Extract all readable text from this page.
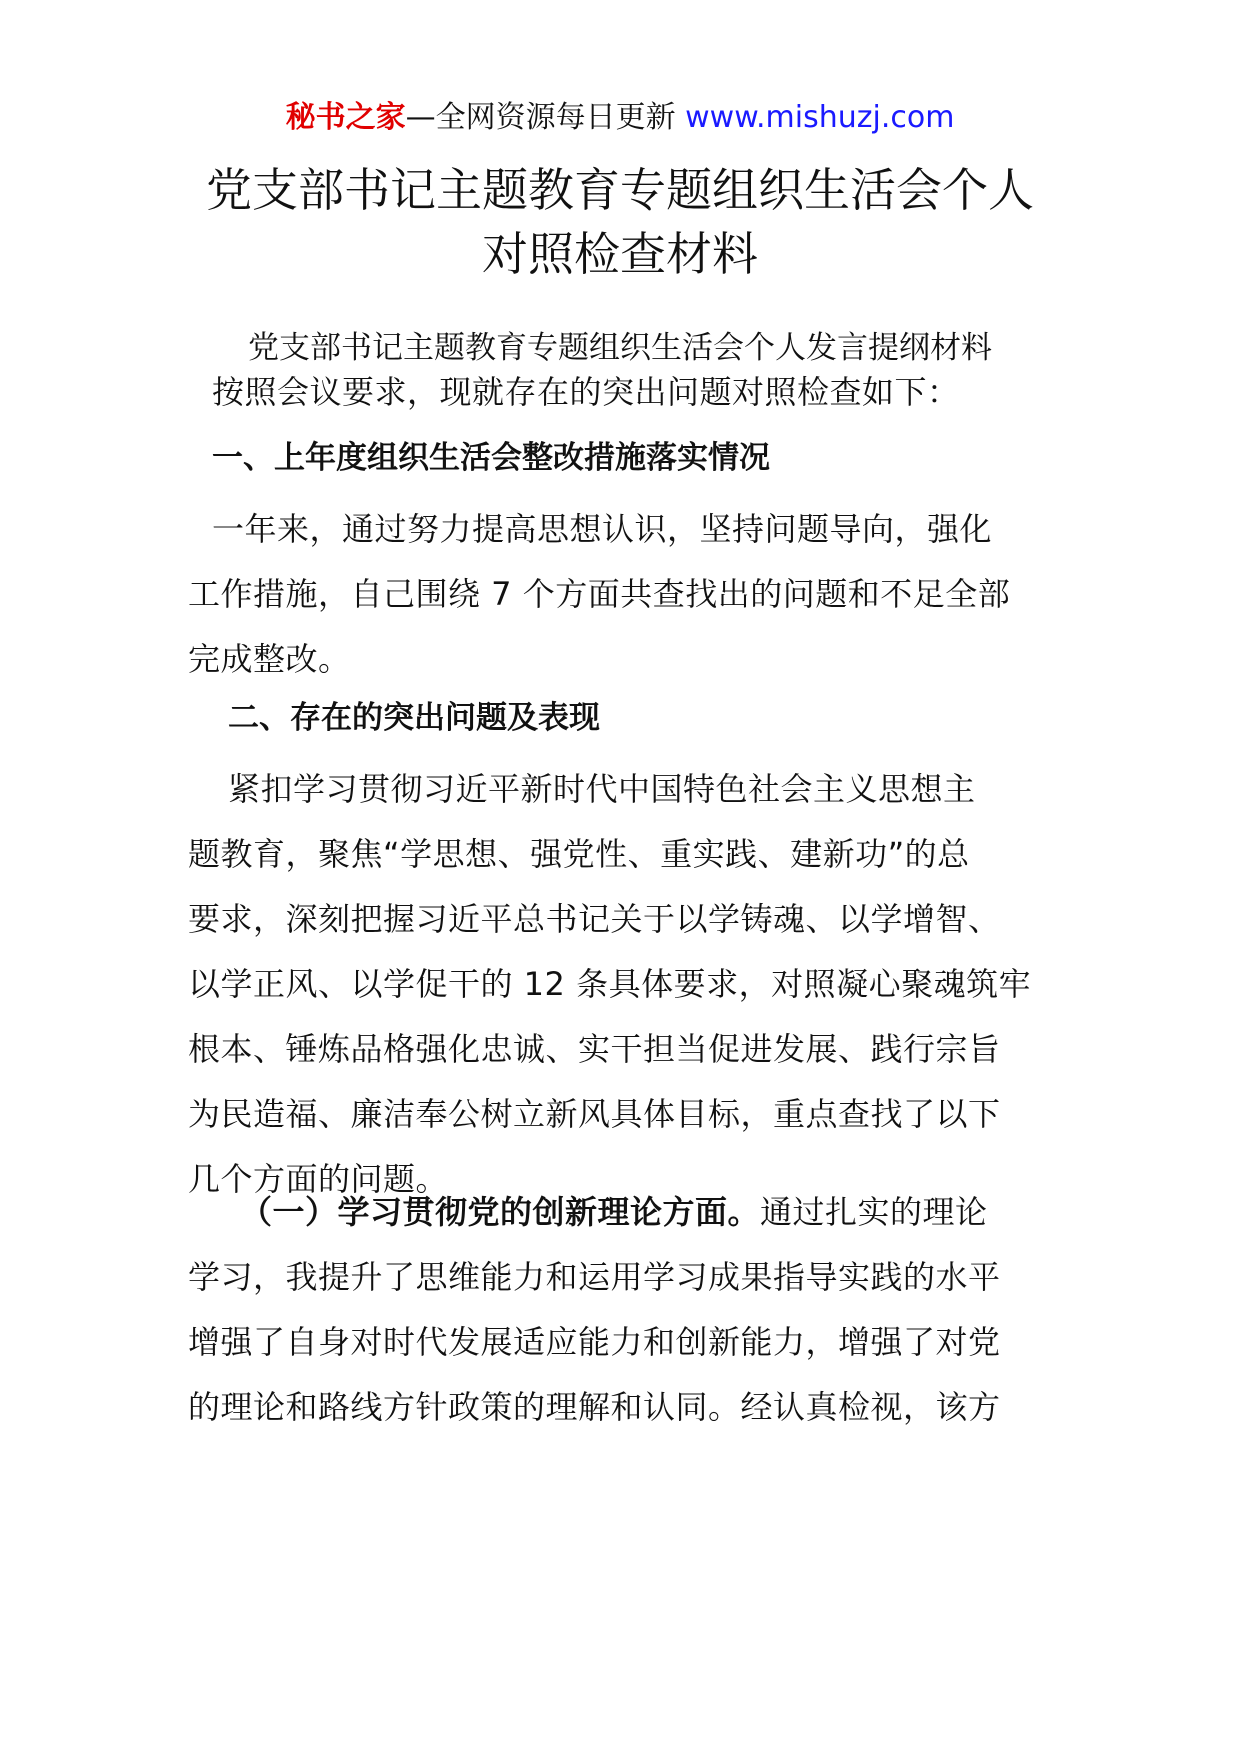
秘书之家—全网资源每日更新 www.mishuzj.com
党支部书记主题教育专题组织生活会个人
对照检查材料
党支部书记主题教育专题组织生活会个人发言提纲材料
按照会议要求，现就存在的突出问题对照检查如下：
一、上年度组织生活会整改措施落实情况
一年来，通过努力提高思想认识，坚持问题导向，强化
工作措施，自己围绕 7 个方面共查找出的问题和不足全部
完成整改。
二、存在的突出问题及表现
紧扣学习贯彻习近平新时代中国特色社会主义思想主
题教育，聚焦“学思想、强党性、重实践、建新功”的总
要求，深刻把握习近平总书记关于以学铸魂、以学增智、
以学正风、以学促干的 12 条具体要求，对照凝心聚魂筑牢
根本、锤炼品格强化忠诚、实干担当促进发展、践行宗旨
为民造福、廉洁奉公树立新风具体目标，重点查找了以下
几个方面的问题。
（一）学习贯彻党的创新理论方面。通过扎实的理论
学习，我提升了思维能力和运用学习成果指导实践的水平
增强了自身对时代发展适应能力和创新能力，增强了对党
的理论和路线方针政策的理解和认同。经认真检视，该方
